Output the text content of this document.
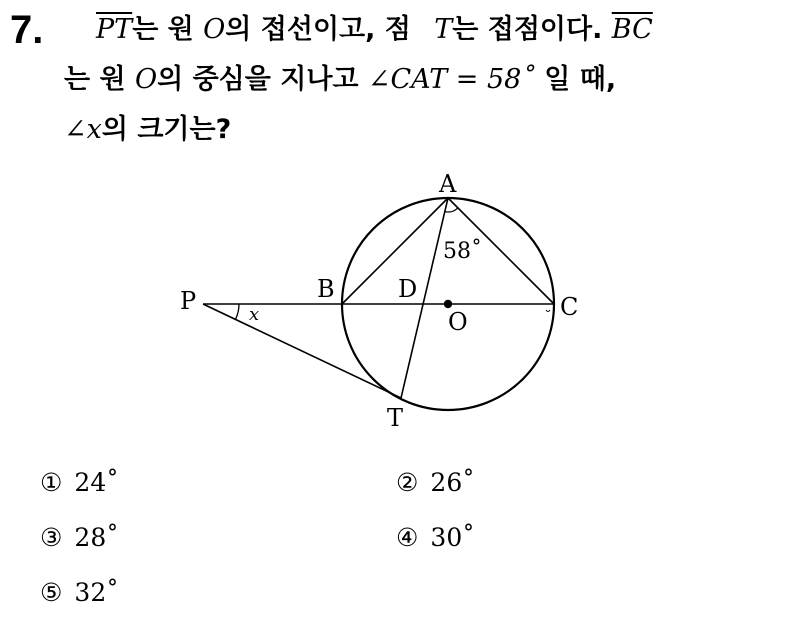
7. $\overline{PT}$는 원 O의 접선이고, 점 T는 접점이다. $\overline{BC}$
는 원 O의 중심을 지나고 ∠CAT = 58˚ 일 때,
∠x의 크기는?
A
B	D
C
O
P
T
58˚
x
① 24˚	② 26˚
③ 28˚	④ 30˚
⑤ 32˚
